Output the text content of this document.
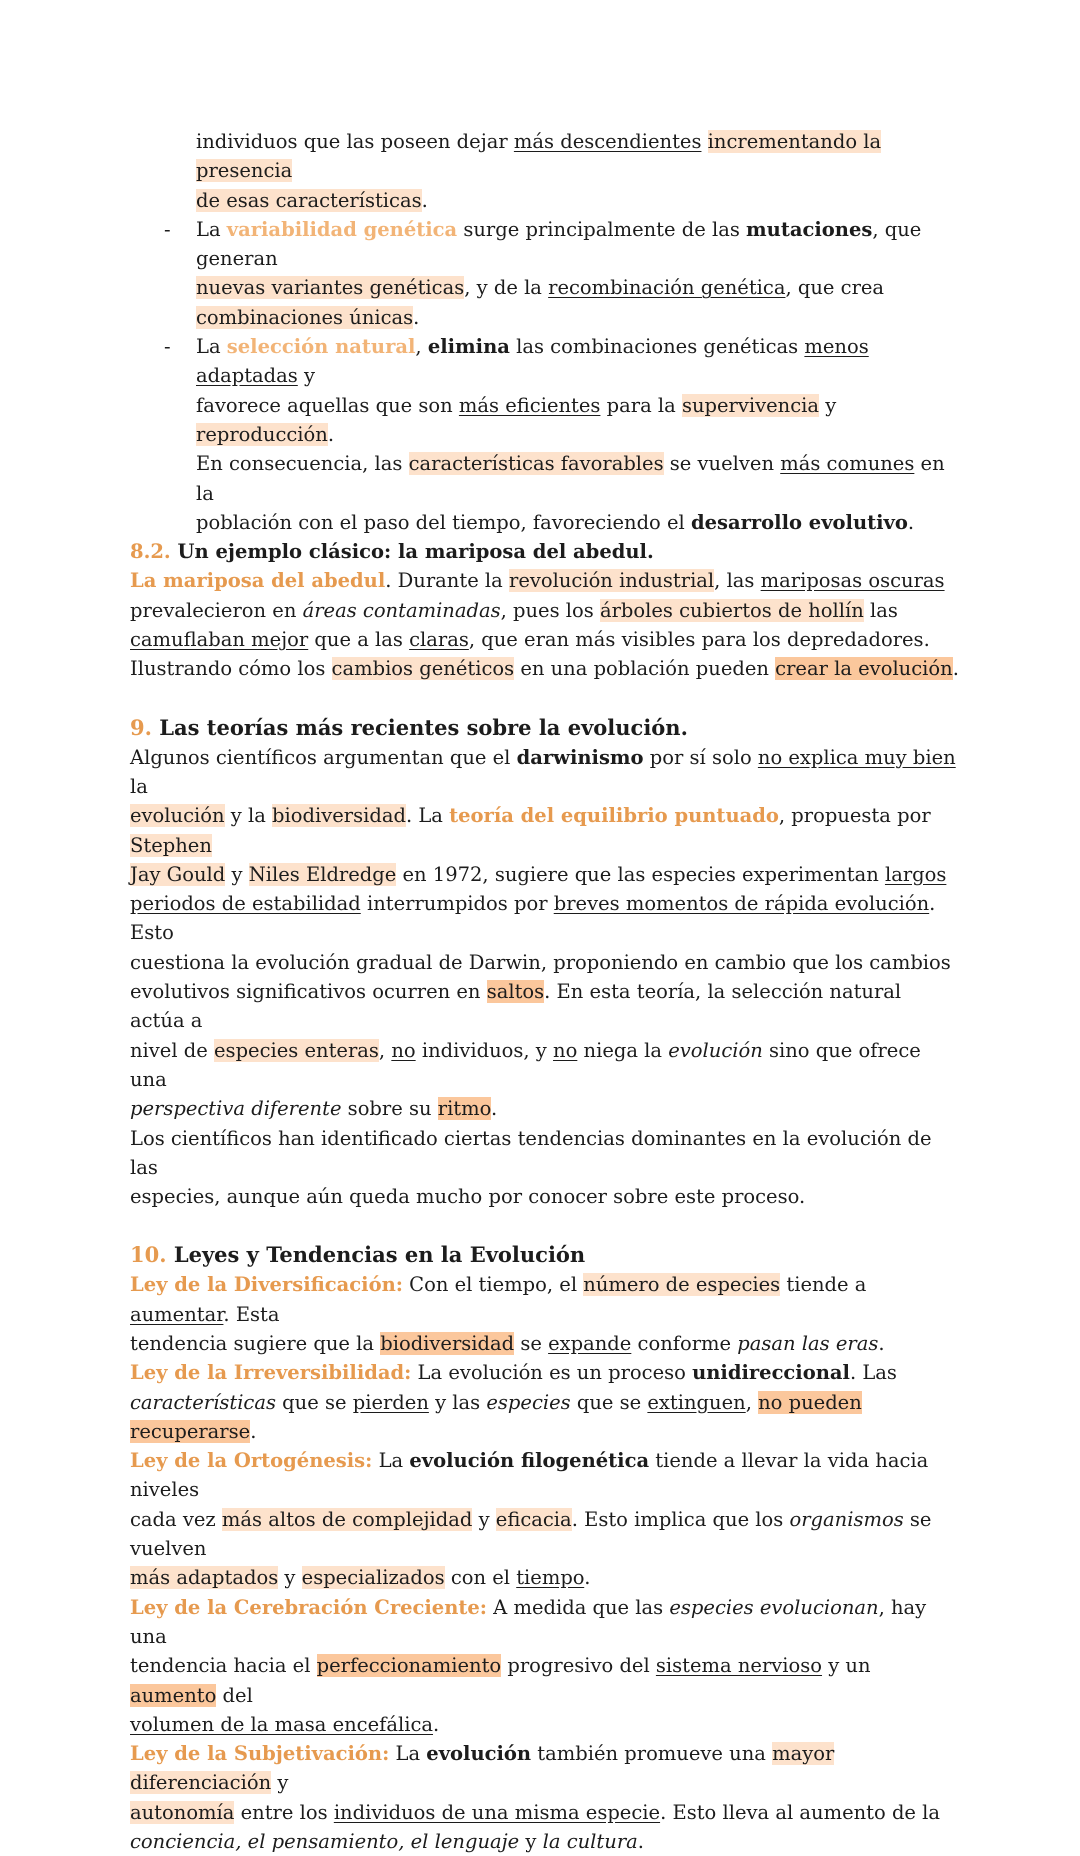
individuos que las poseen dejar más descendientes incrementando la presencia
de esas características.
- La variabilidad genética surge principalmente de las mutaciones, que generan
nuevas variantes genéticas, y de la recombinación genética, que crea
combinaciones únicas.
- La selección natural, elimina las combinaciones genéticas menos adaptadas y
favorece aquellas que son más eficientes para la supervivencia y reproducción.
En consecuencia, las características favorables se vuelven más comunes en la
población con el paso del tiempo, favoreciendo el desarrollo evolutivo.
8.2. Un ejemplo clásico: la mariposa del abedul.
La mariposa del abedul. Durante la revolución industrial, las mariposas oscuras
prevalecieron en áreas contaminadas, pues los árboles cubiertos de hollín las
camuflaban mejor que a las claras, que eran más visibles para los depredadores.
Ilustrando cómo los cambios genéticos en una población pueden crear la evolución.
9. Las teorías más recientes sobre la evolución.
Algunos científicos argumentan que el darwinismo por sí solo no explica muy bien la
evolución y la biodiversidad. La teoría del equilibrio puntuado, propuesta por Stephen
Jay Gould y Niles Eldredge en 1972, sugiere que las especies experimentan largos
periodos de estabilidad interrumpidos por breves momentos de rápida evolución. Esto
cuestiona la evolución gradual de Darwin, proponiendo en cambio que los cambios
evolutivos significativos ocurren en saltos. En esta teoría, la selección natural actúa a
nivel de especies enteras, no individuos, y no niega la evolución sino que ofrece una
perspectiva diferente sobre su ritmo.
Los científicos han identificado ciertas tendencias dominantes en la evolución de las
especies, aunque aún queda mucho por conocer sobre este proceso.
10. Leyes y Tendencias en la Evolución
Ley de la Diversificación: Con el tiempo, el número de especies tiende a aumentar. Esta
tendencia sugiere que la biodiversidad se expande conforme pasan las eras.
Ley de la Irreversibilidad: La evolución es un proceso unidireccional. Las
características que se pierden y las especies que se extinguen, no pueden recuperarse.
Ley de la Ortogénesis: La evolución filogenética tiende a llevar la vida hacia niveles
cada vez más altos de complejidad y eficacia. Esto implica que los organismos se vuelven
más adaptados y especializados con el tiempo.
Ley de la Cerebración Creciente: A medida que las especies evolucionan, hay una
tendencia hacia el perfeccionamiento progresivo del sistema nervioso y un aumento del
volumen de la masa encefálica.
Ley de la Subjetivación: La evolución también promueve una mayor diferenciación y
autonomía entre los individuos de una misma especie. Esto lleva al aumento de la
conciencia, el pensamiento, el lenguaje y la cultura.
